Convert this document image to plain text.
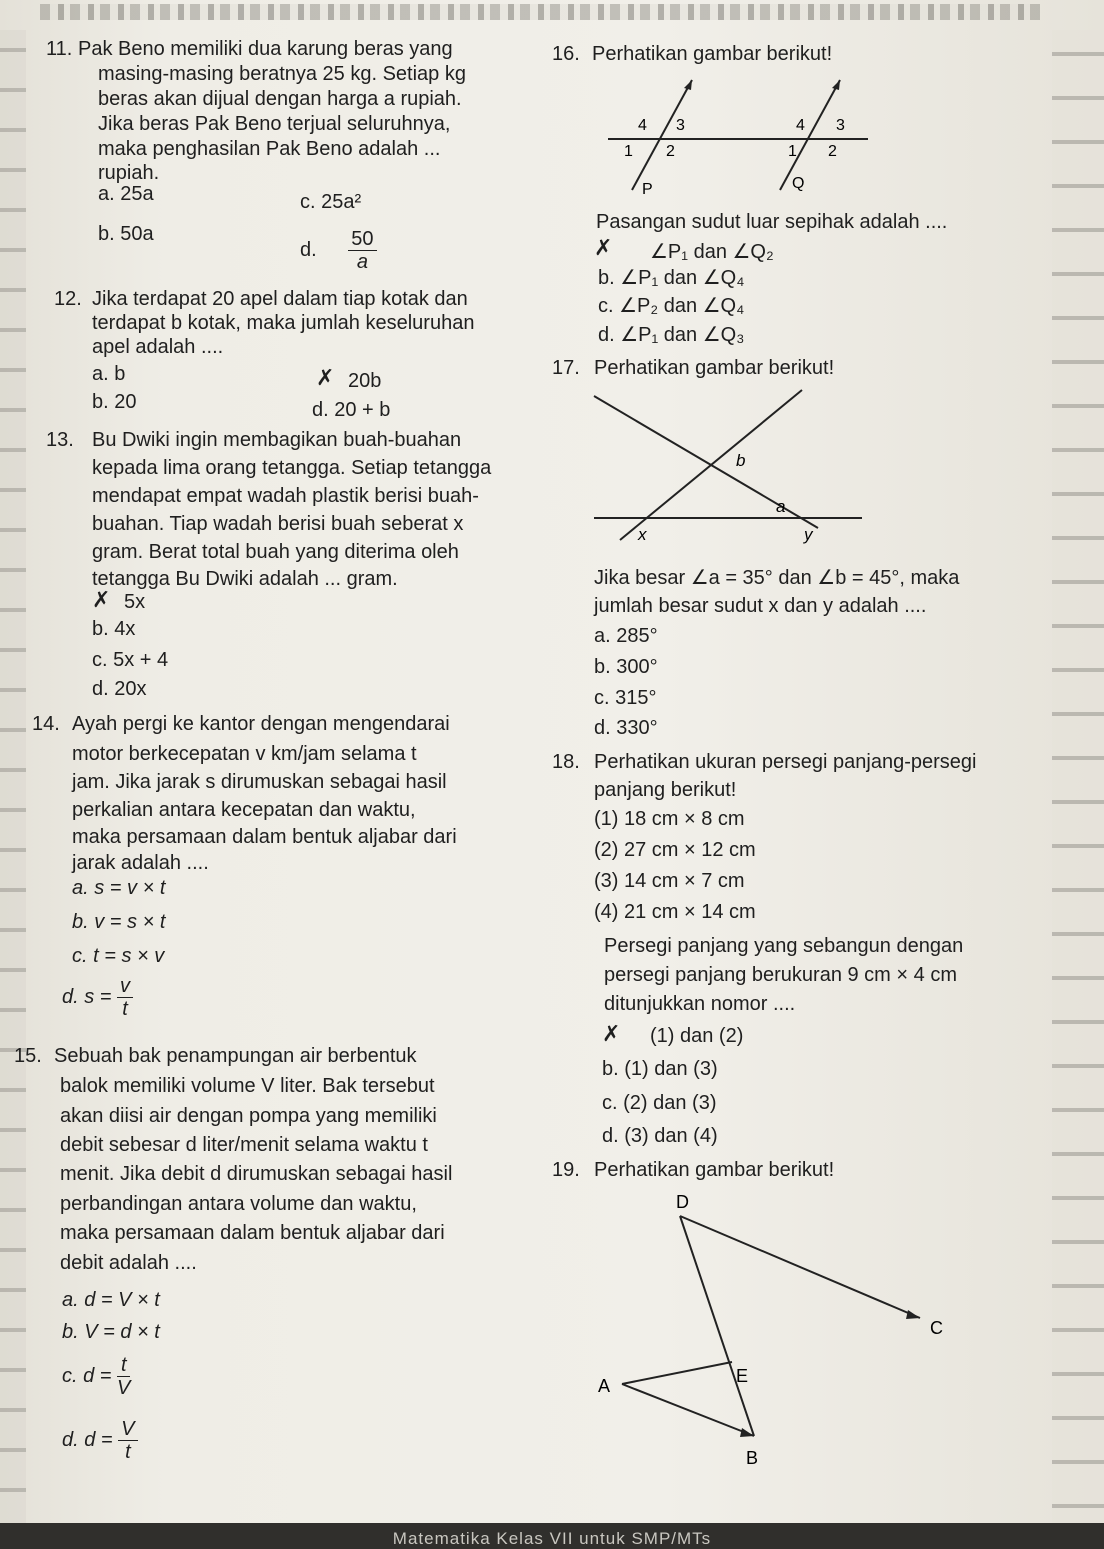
11. Pak Beno memiliki dua karung beras yang
masing-masing beratnya 25 kg. Setiap kg
beras akan dijual dengan harga a rupiah.
Jika beras Pak Beno terjual seluruhnya,
maka penghasilan Pak Beno adalah ...
rupiah.
a. 25a	c. 25a²
b. 50a
d. $\frac{50}{a}$
12. Jika terdapat 20 apel dalam tiap kotak dan
terdapat b kotak, maka jumlah keseluruhan
apel adalah ....
a. b
b. 20
✗ 20b
d. 20 + b
13. Bu Dwiki ingin membagikan buah-buahan
kepada lima orang tetangga. Setiap tetangga
mendapat empat wadah plastik berisi buah-
buahan. Tiap wadah berisi buah seberat x
gram. Berat total buah yang diterima oleh
tetangga Bu Dwiki adalah ... gram.
✗ 5x
b. 4x
c. 5x + 4
d. 20x
14. Ayah pergi ke kantor dengan mengendarai
motor berkecepatan v km/jam selama t
jam. Jika jarak s dirumuskan sebagai hasil
perkalian antara kecepatan dan waktu,
maka persamaan dalam bentuk aljabar dari
jarak adalah ....
a. s = v × t
b. v = s × t
c. t = s × v
d. $s = \frac{v}{t}$
15. Sebuah bak penampungan air berbentuk
balok memiliki volume V liter. Bak tersebut
akan diisi air dengan pompa yang memiliki
debit sebesar d liter/menit selama waktu t
menit. Jika debit d dirumuskan sebagai hasil
perbandingan antara volume dan waktu,
maka persamaan dalam bentuk aljabar dari
debit adalah ....
a. d = V × t
b. V = d × t
c. $d = \frac{t}{V}$
d. $d = \frac{V}{t}$
16. Perhatikan gambar berikut!
4 3
1 2
P
4 3
1 2
Q
Pasangan sudut luar sepihak adalah ....
✗ ∠P₁ dan ∠Q₂
b. ∠P₁ dan ∠Q₄
c. ∠P₂ dan ∠Q₄
d. ∠P₁ dan ∠Q₃
17. Perhatikan gambar berikut!
b
a
x	y
Jika besar ∠a = 35° dan ∠b = 45°, maka
jumlah besar sudut x dan y adalah ....
a. 285°
b. 300°
c. 315°
d. 330°
18. Perhatikan ukuran persegi panjang-persegi
panjang berikut!
(1) 18 cm × 8 cm
(2) 27 cm × 12 cm
(3) 14 cm × 7 cm
(4) 21 cm × 14 cm
Persegi panjang yang sebangun dengan
persegi panjang berukuran 9 cm × 4 cm
ditunjukkan nomor ....
✗ (1) dan (2)
b. (1) dan (3)
c. (2) dan (3)
d. (3) dan (4)
19. Perhatikan gambar berikut!
D
C
A	E
B
Matematika Kelas VII untuk SMP/MTs
